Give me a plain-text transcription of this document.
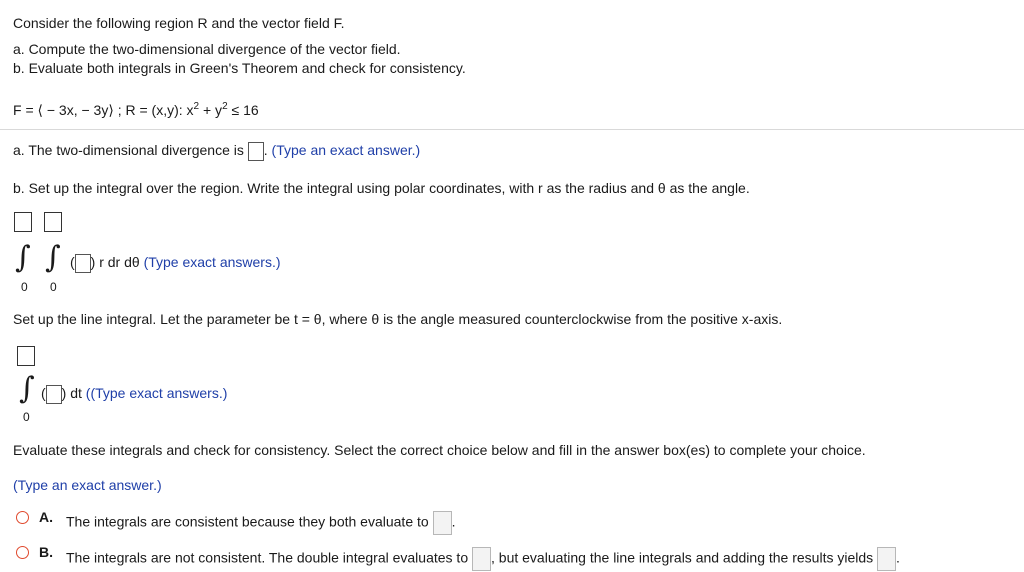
Consider the following region R and the vector field F.
a. Compute the two-dimensional divergence of the vector field.
b. Evaluate both integrals in Green's Theorem and check for consistency.
F = ⟨ − 3x, − 3y⟩ ; R = (x,y): $x^2 + y^2 \le 16$
a. The two-dimensional divergence is . (Type an exact answer.)
b. Set up the integral over the region. Write the integral using polar coordinates, with r as the radius and θ as the angle.
∫ ∫
0 0
( ) r dr dθ (Type exact answers.)
Set up the line integral. Let the parameter be t = θ, where θ is the angle measured counterclockwise from the positive x-axis.
∫
0
( ) dt ((Type exact answers.)
Evaluate these integrals and check for consistency. Select the correct choice below and fill in the answer box(es) to complete your choice.
(Type an exact answer.)
A. The integrals are consistent because they both evaluate to .
B. The integrals are not consistent. The double integral evaluates to , but evaluating the line integrals and adding the results yields .
